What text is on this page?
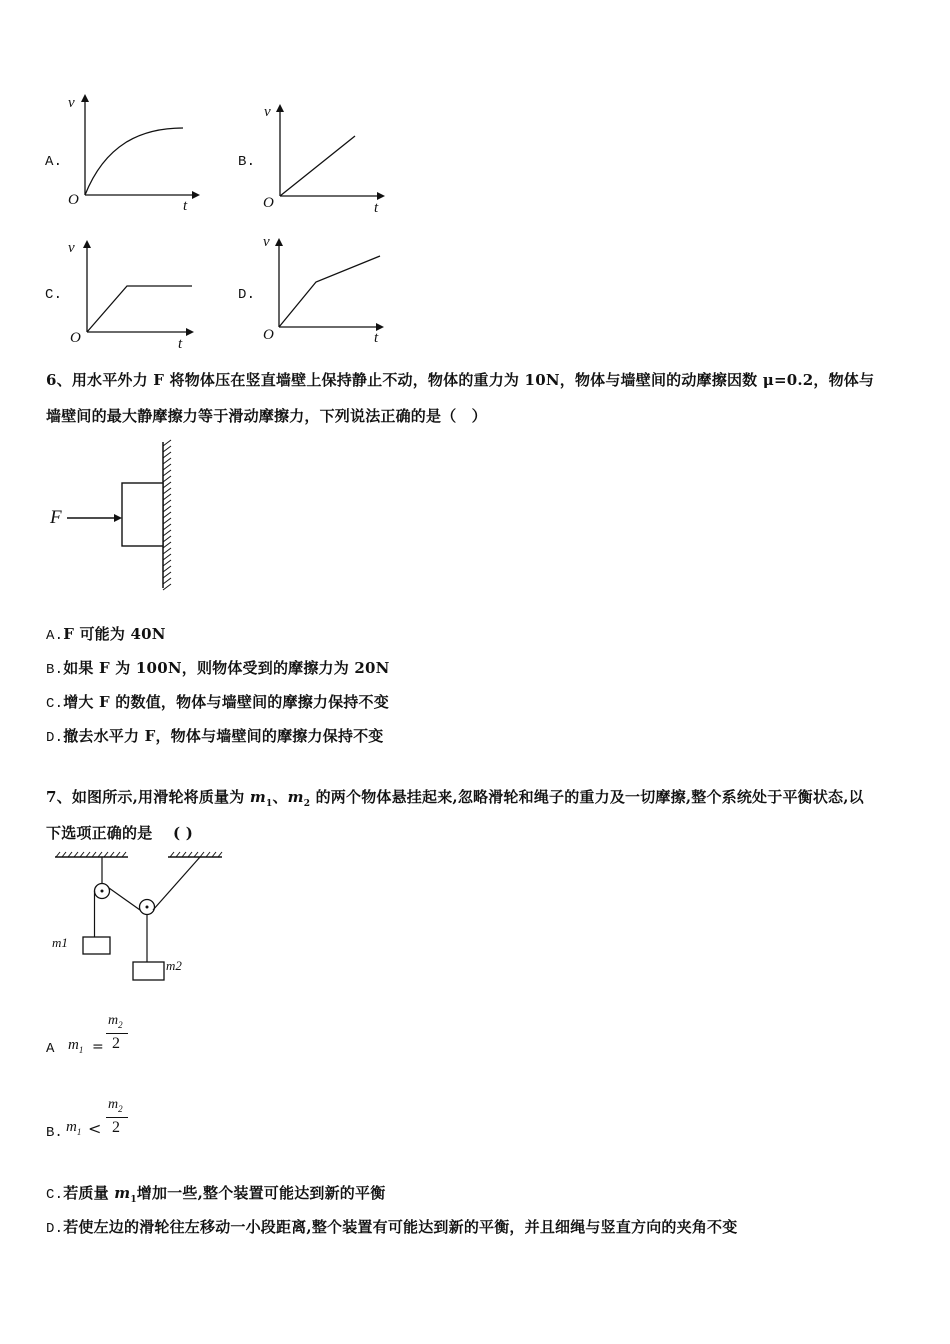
A.
v
t
O
B.
v
t
O
C.
v
t
O
D.
v
t
O
6、用水平外力 F 将物体压在竖直墙壁上保持静止不动，物体的重力为 10N，物体与墙壁间的动摩擦因数 μ=0.2，物体与
墙壁间的最大静摩擦力等于滑动摩擦力，下列说法正确的是（　）
F
A.F 可能为 40N
B.如果 F 为 100N，则物体受到的摩擦力为 20N
C.增大 F 的数值，物体与墙壁间的摩擦力保持不变
D.撤去水平力 F，物体与墙壁间的摩擦力保持不变
7、如图所示,用滑轮将质量为 $m_1$、$m_2$ 的两个物体悬挂起来,忽略滑轮和绳子的重力及一切摩擦,整个系统处于平衡状态,以
下选项正确的是　 ( )
m1
m2
A $m_1$ =
$m_2$
2
B. $m_1$ <
$m_2$
2
C.若质量 $m_1$增加一些,整个装置可能达到新的平衡
D.若使左边的滑轮往左移动一小段距离,整个装置有可能达到新的平衡，并且细绳与竖直方向的夹角不变
